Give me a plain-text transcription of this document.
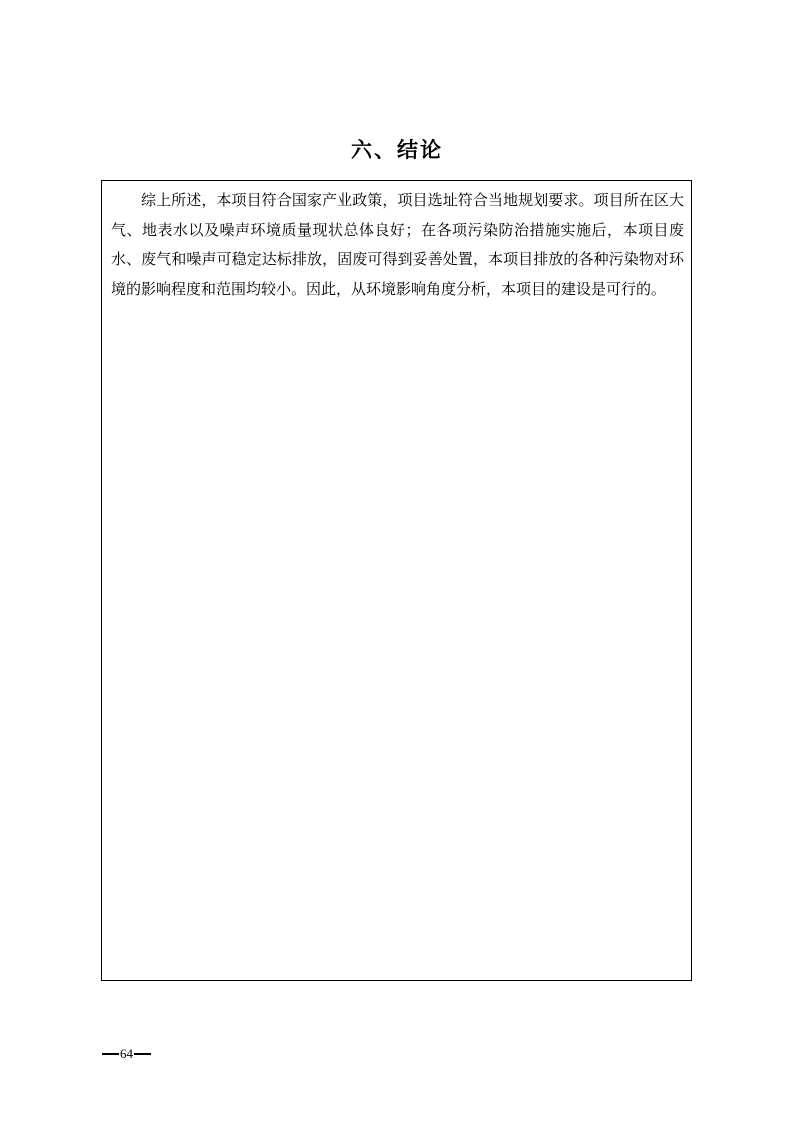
六、结论

综上所述，本项目符合国家产业政策，项目选址符合当地规划要求。项目所在区大气、地表水以及噪声环境质量现状总体良好；在各项污染防治措施实施后，本项目废水、废气和噪声可稳定达标排放，固废可得到妥善处置，本项目排放的各种污染物对环境的影响程度和范围均较小。因此，从环境影响角度分析，本项目的建设是可行的。

64
